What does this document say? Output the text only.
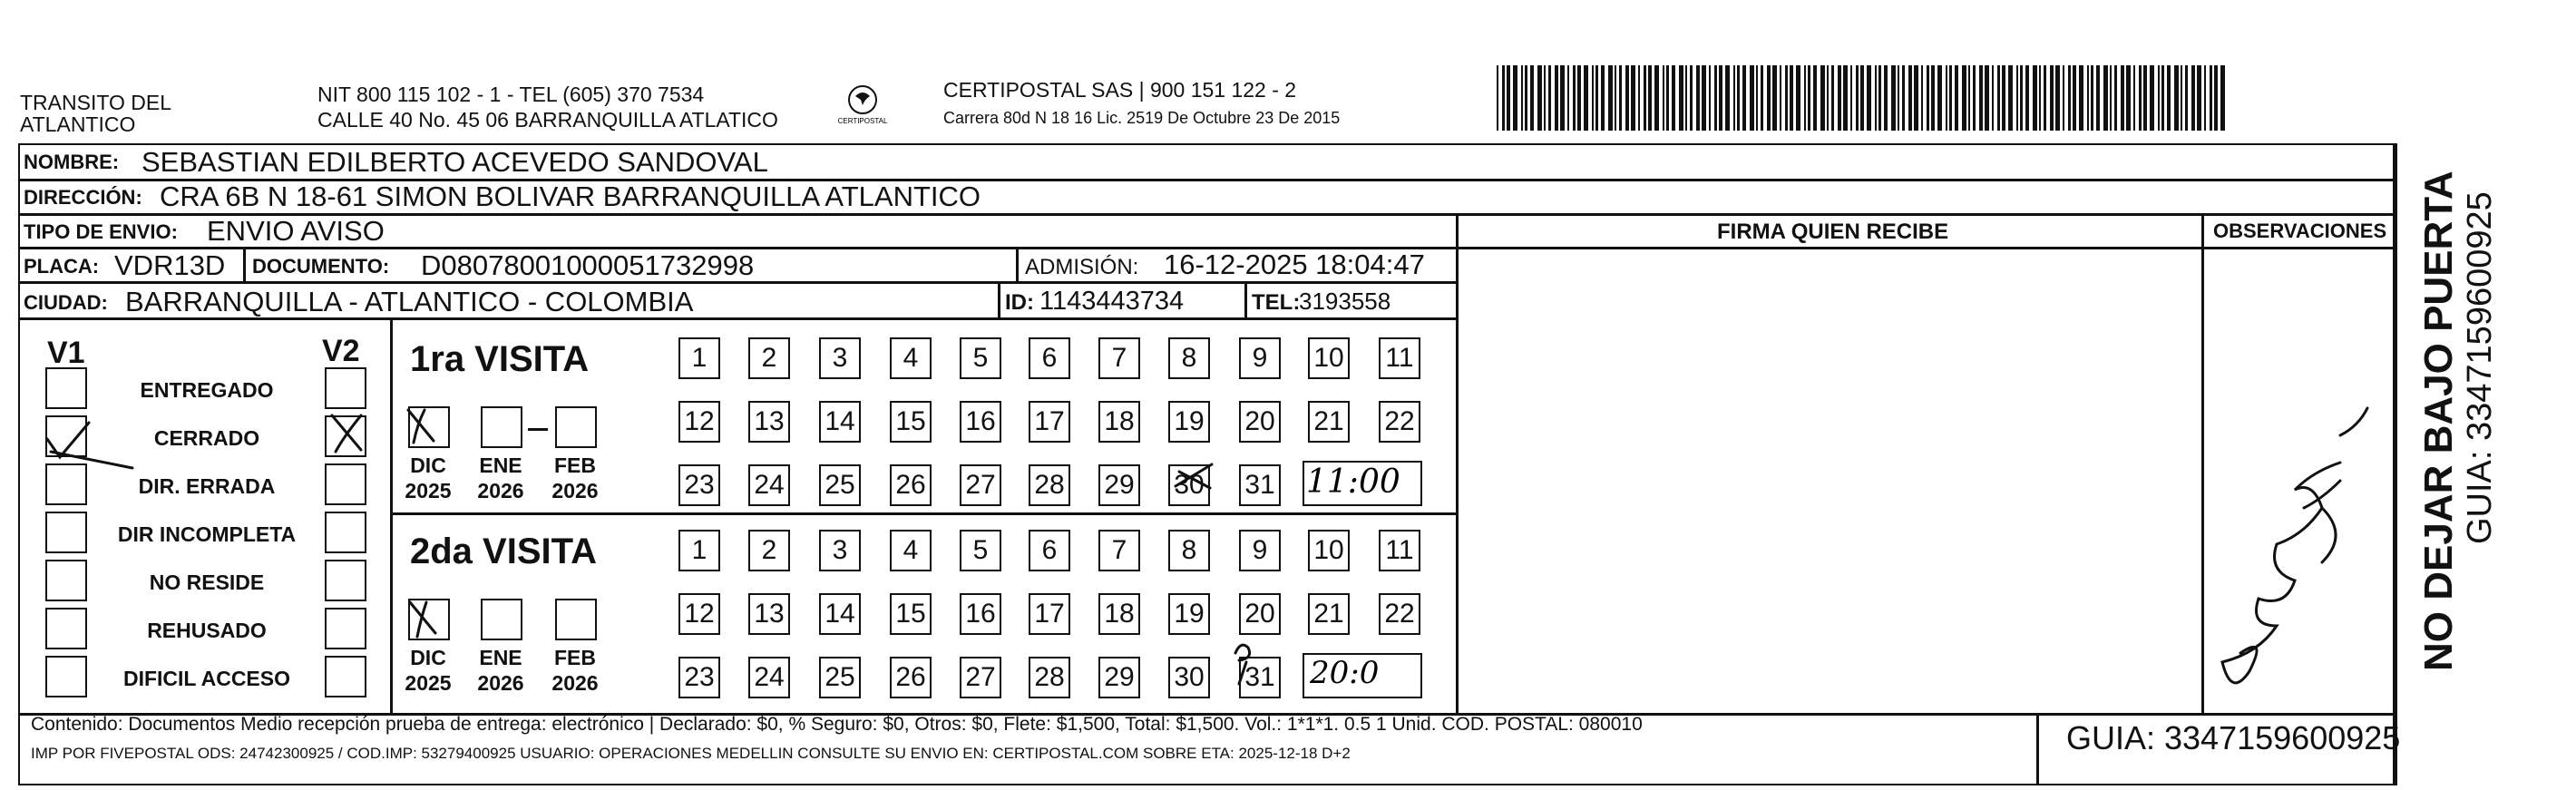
TRANSITO DEL
ATLANTICO
NIT 800 115 102 - 1 - TEL (605) 370 7534
CALLE 40 No. 45 06 BARRANQUILLA ATLATICO	CERTIPOSTAL
CERTIPOSTAL SAS | 900 151 122 - 2
Carrera 80d N 18 16 Lic. 2519 De Octubre 23 De 2015
NOMBRE: SEBASTIAN EDILBERTO ACEVEDO SANDOVAL
DIRECCIÓN: CRA 6B N 18-61 SIMON BOLIVAR BARRANQUILLA ATLANTICO
TIPO DE ENVIO: ENVIO AVISO
PLACA: VDR13D DOCUMENTO: D08078001000051732998	ADMISIÓN: 16-12-2025 18:04:47
CIUDAD: BARRANQUILLA - ATLANTICO - COLOMBIA	ID: 1143443734	TEL:
3193558
FIRMA QUIEN RECIBE	OBSERVACIONES
V1	V2
ENTREGADO
CERRADO
DIR. ERRADA
DIR INCOMPLETA
NO RESIDE
REHUSADO
DIFICIL ACCESO
1ra VISITA
DIC
2025
ENE
2026
FEB
2026
1	2	3	4	5	6	7	8	9	10 11
12 13 14 15 16 17 18 19 20 21 22
23 24 25 26 27 28 29 30 31
2da VISITA
DIC
2025
ENE
2026
FEB
2026
1	2	3	4	5	6	7	8	9	10 11
12 13 14 15 16 17 18 19 20 21 22
23 24 25 26 27 28 29 30 31
Contenido: Documentos Medio recepción prueba de entrega: electrónico | Declarado: $0, % Seguro: $0, Otros: $0, Flete: $1,500, Total: $1,500. Vol.: 1*1*1. 0.5 1 Unid. COD. POSTAL: 080010
IMP POR FIVEPOSTAL ODS: 24742300925 / COD.IMP: 53279400925 USUARIO: OPERACIONES MEDELLIN CONSULTE SU ENVIO EN: CERTIPOSTAL.COM SOBRE ETA: 2025-12-18 D+2	GUIA: 3347159600925
NO DEJAR BAJO PUERTA GUIA: 3347159600925
11:00
20:0
